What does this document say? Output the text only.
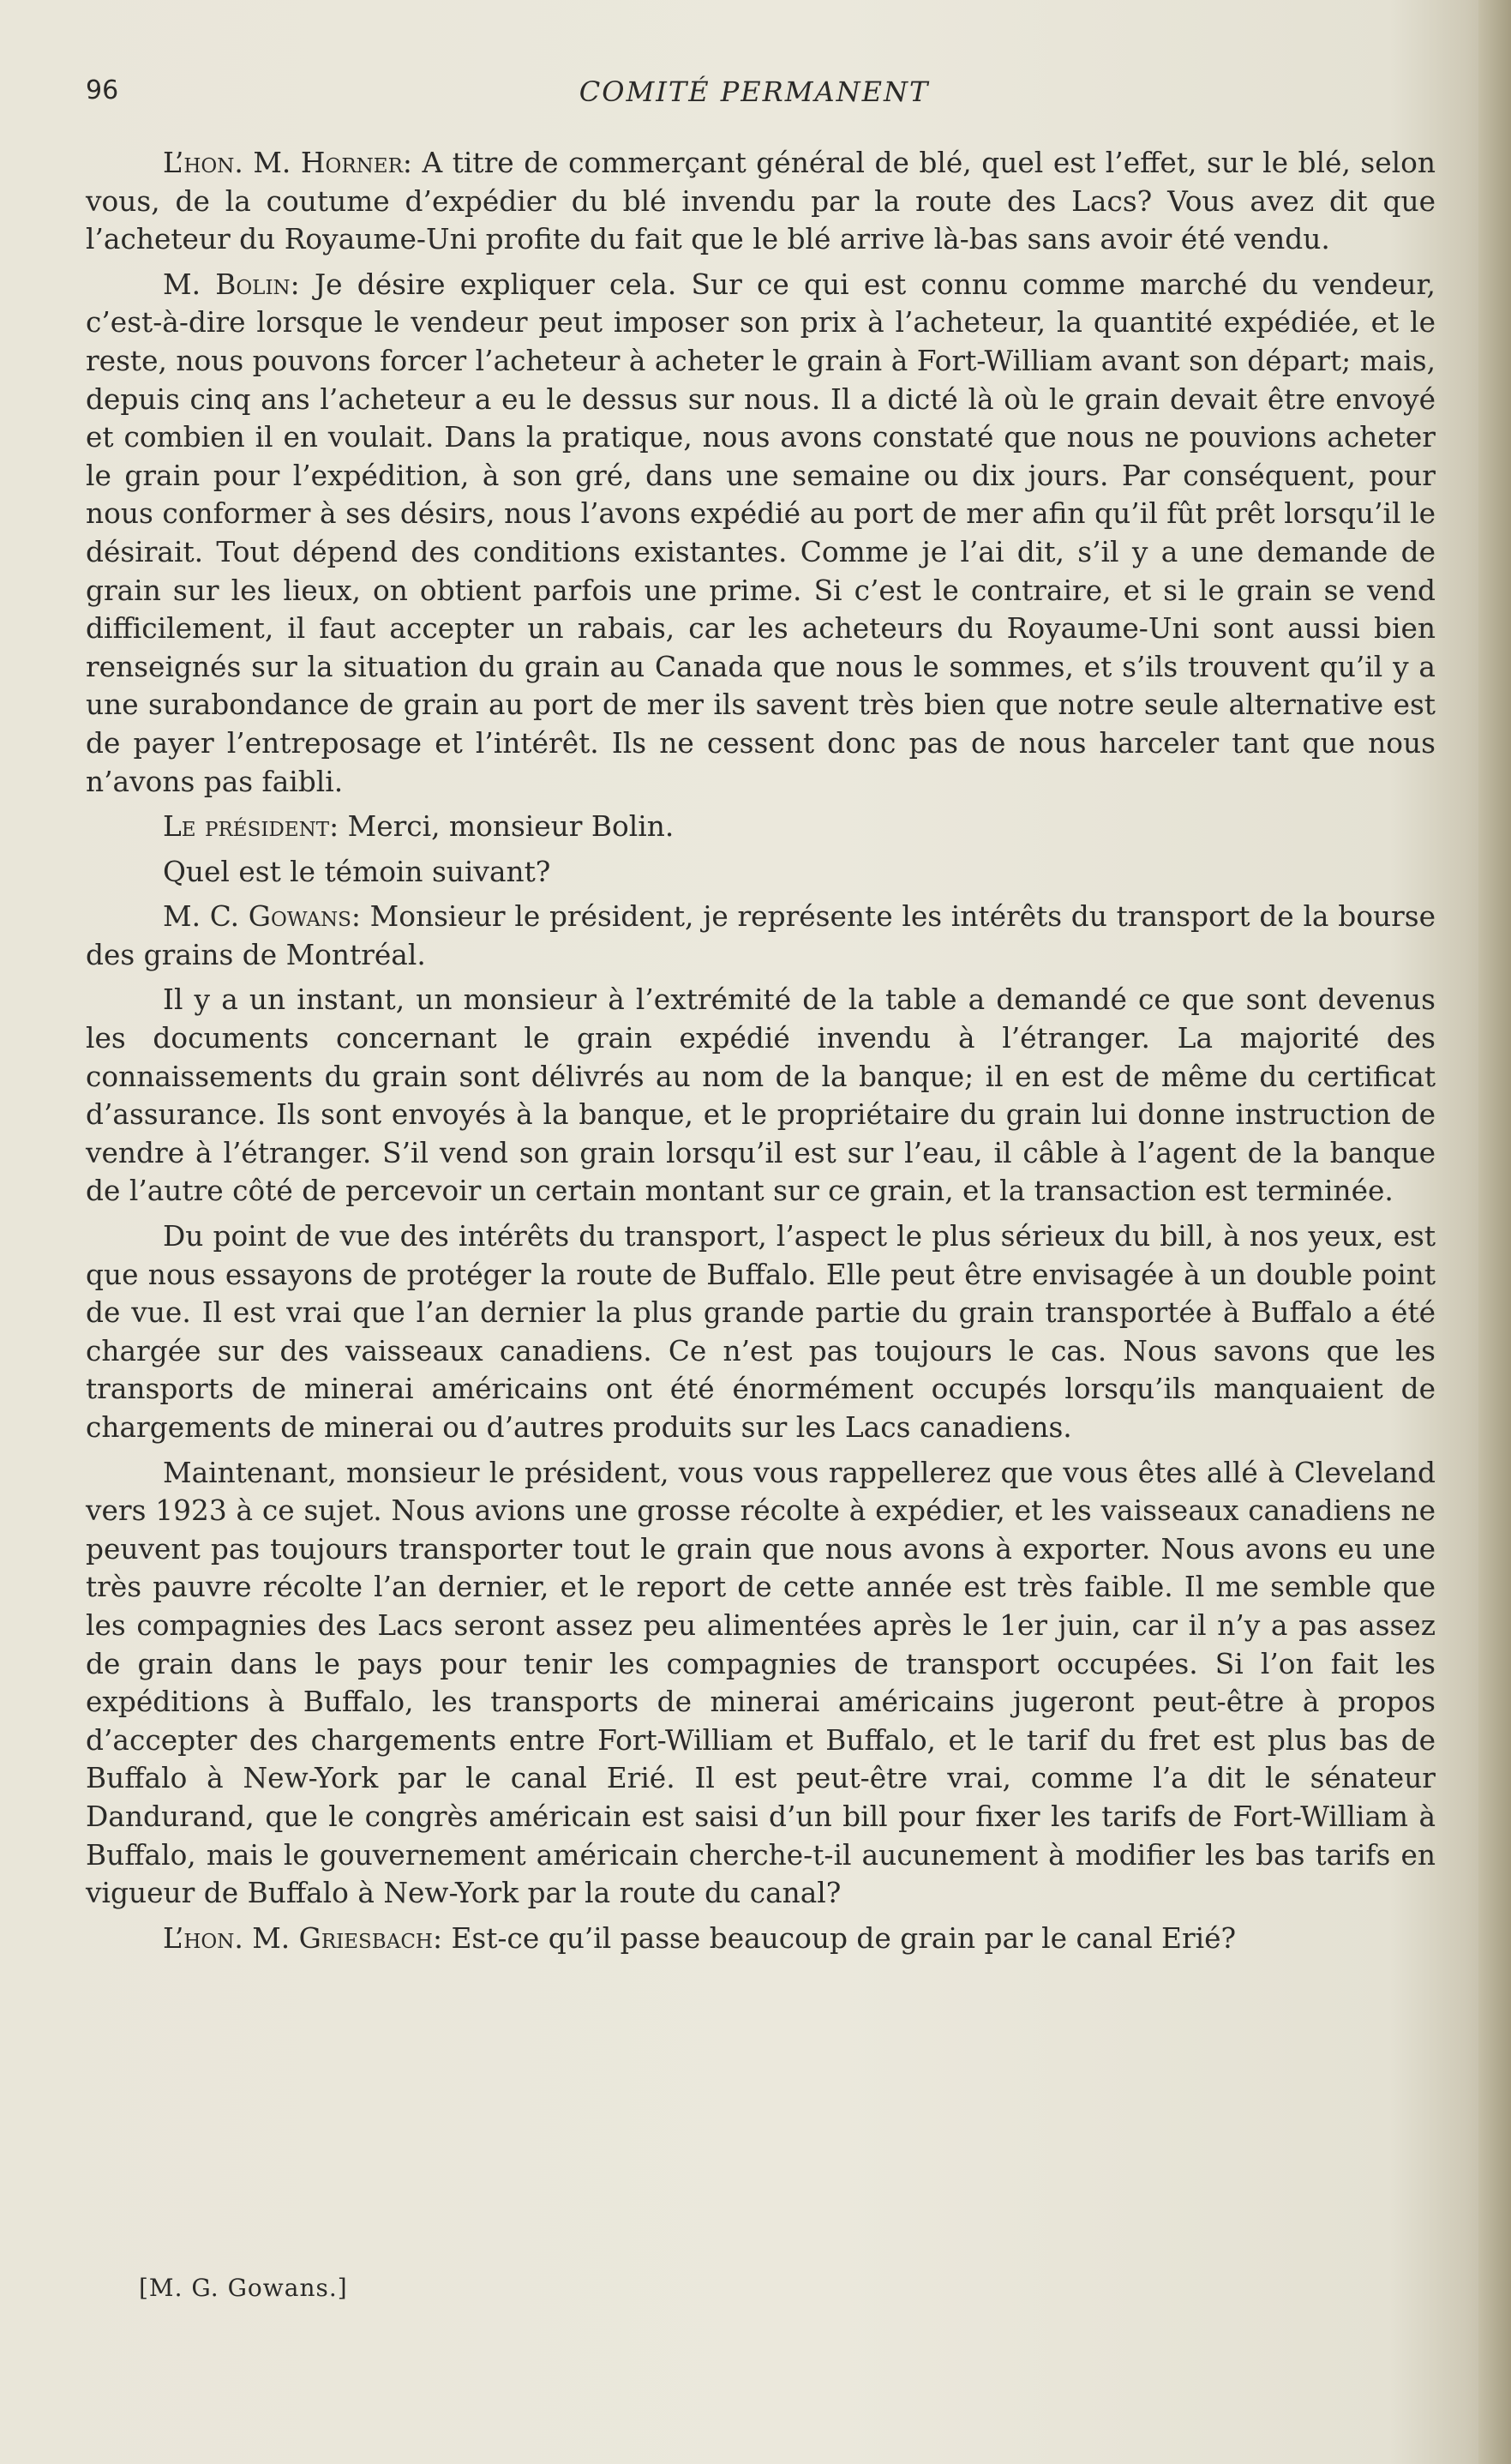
96	COMITÉ PERMANENT

L’hon. M. Horner: A titre de commerçant général de blé, quel est l’effet, sur le blé, selon vous, de la coutume d’expédier du blé invendu par la route des Lacs? Vous avez dit que l’acheteur du Royaume-Uni profite du fait que le blé arrive là-bas sans avoir été vendu.

M. Bolin: Je désire expliquer cela. Sur ce qui est connu comme marché du vendeur, c’est-à-dire lorsque le vendeur peut imposer son prix à l’acheteur, la quantité expédiée, et le reste, nous pouvons forcer l’acheteur à acheter le grain à Fort-William avant son départ; mais, depuis cinq ans l’acheteur a eu le dessus sur nous. Il a dicté là où le grain devait être envoyé et combien il en voulait. Dans la pratique, nous avons constaté que nous ne pouvions acheter le grain pour l’expédition, à son gré, dans une semaine ou dix jours. Par conséquent, pour nous conformer à ses désirs, nous l’avons expédié au port de mer afin qu’il fût prêt lorsqu’il le désirait. Tout dépend des conditions existantes. Comme je l’ai dit, s’il y a une demande de grain sur les lieux, on obtient parfois une prime. Si c’est le contraire, et si le grain se vend difficilement, il faut accepter un rabais, car les acheteurs du Royaume-Uni sont aussi bien renseignés sur la situation du grain au Canada que nous le sommes, et s’ils trouvent qu’il y a une surabondance de grain au port de mer ils savent très bien que notre seule alternative est de payer l’entreposage et l’intérêt. Ils ne cessent donc pas de nous harceler tant que nous n’avons pas faibli.

Le président: Merci, monsieur Bolin.

Quel est le témoin suivant?

M. C. Gowans: Monsieur le président, je représente les intérêts du transport de la bourse des grains de Montréal.

Il y a un instant, un monsieur à l’extrémité de la table a demandé ce que sont devenus les documents concernant le grain expédié invendu à l’étranger. La majorité des connaissements du grain sont délivrés au nom de la banque; il en est de même du certificat d’assurance. Ils sont envoyés à la banque, et le propriétaire du grain lui donne instruction de vendre à l’étranger. S’il vend son grain lorsqu’il est sur l’eau, il câble à l’agent de la banque de l’autre côté de percevoir un certain montant sur ce grain, et la transaction est terminée.

Du point de vue des intérêts du transport, l’aspect le plus sérieux du bill, à nos yeux, est que nous essayons de protéger la route de Buffalo. Elle peut être envisagée à un double point de vue. Il est vrai que l’an dernier la plus grande partie du grain transportée à Buffalo a été chargée sur des vaisseaux canadiens. Ce n’est pas toujours le cas. Nous savons que les transports de minerai américains ont été énormément occupés lorsqu’ils manquaient de chargements de minerai ou d’autres produits sur les Lacs canadiens.

Maintenant, monsieur le président, vous vous rappellerez que vous êtes allé à Cleveland vers 1923 à ce sujet. Nous avions une grosse récolte à expédier, et les vaisseaux canadiens ne peuvent pas toujours transporter tout le grain que nous avons à exporter. Nous avons eu une très pauvre récolte l’an dernier, et le report de cette année est très faible. Il me semble que les compagnies des Lacs seront assez peu alimentées après le 1er juin, car il n’y a pas assez de grain dans le pays pour tenir les compagnies de transport occupées. Si l’on fait les expéditions à Buffalo, les transports de minerai américains jugeront peut-être à propos d’accepter des chargements entre Fort-William et Buffalo, et le tarif du fret est plus bas de Buffalo à New-York par le canal Erié. Il est peut-être vrai, comme l’a dit le sénateur Dandurand, que le congrès américain est saisi d’un bill pour fixer les tarifs de Fort-William à Buffalo, mais le gouvernement américain cherche-t-il aucunement à modifier les bas tarifs en vigueur de Buffalo à New-York par la route du canal?

L’hon. M. Griesbach: Est-ce qu’il passe beaucoup de grain par le canal Erié?

[M. G. Gowans.]
